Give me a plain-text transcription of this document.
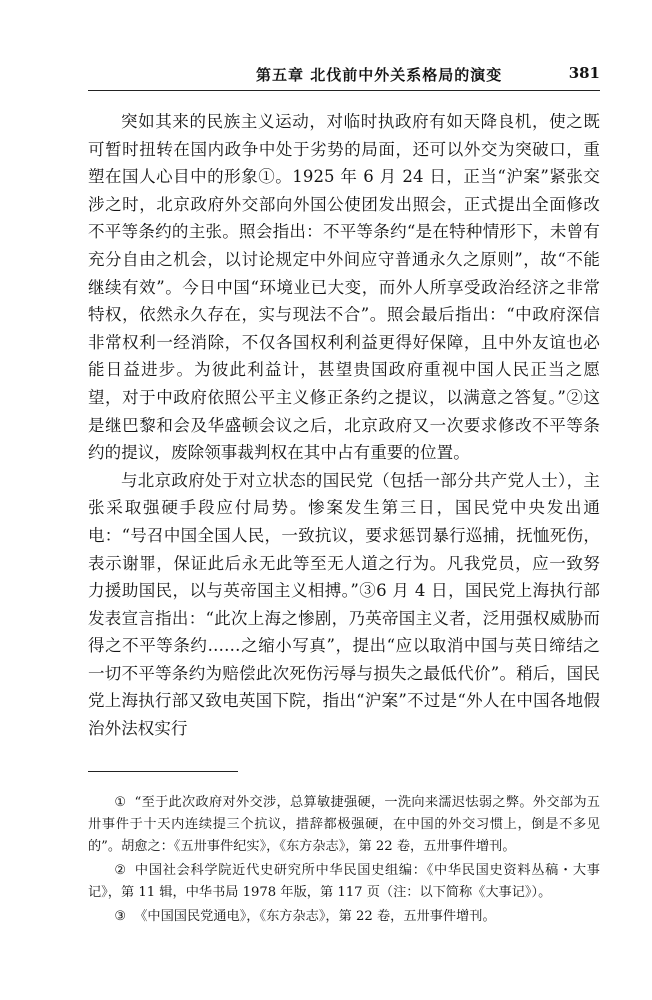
第五章 北伐前中外关系格局的演变	381

突如其来的民族主义运动，对临时执政府有如天降良机，使之既可暂时扭转在国内政争中处于劣势的局面，还可以外交为突破口，重塑在国人心目中的形象①。1925 年 6 月 24 日，正当“沪案”紧张交涉之时，北京政府外交部向外国公使团发出照会，正式提出全面修改不平等条约的主张。照会指出：不平等条约“是在特种情形下，未曾有充分自由之机会，以讨论规定中外间应守普通永久之原则”，故“不能继续有效”。今日中国“环境业已大变，而外人所享受政治经济之非常特权，依然永久存在，实与现法不合”。照会最后指出：“中政府深信非常权利一经消除，不仅各国权利利益更得好保障，且中外友谊也必能日益进步。为彼此利益计，甚望贵国政府重视中国人民正当之愿望，对于中政府依照公平主义修正条约之提议，以满意之答复。”②这是继巴黎和会及华盛顿会议之后，北京政府又一次要求修改不平等条约的提议，废除领事裁判权在其中占有重要的位置。

与北京政府处于对立状态的国民党（包括一部分共产党人士），主张采取强硬手段应付局势。惨案发生第三日，国民党中央发出通电：“号召中国全国人民，一致抗议，要求惩罚暴行巡捕，抚恤死伤，表示谢罪，保证此后永无此等至无人道之行为。凡我党员，应一致努力援助国民，以与英帝国主义相搏。”③6 月 4 日，国民党上海执行部发表宣言指出：“此次上海之惨剧，乃英帝国主义者，泛用强权威胁而得之不平等条约……之缩小写真”，提出“应以取消中国与英日缔结之一切不平等条约为赔偿此次死伤污辱与损失之最低代价”。稍后，国民党上海执行部又致电英国下院，指出“沪案”不过是“外人在中国各地假治外法权实行

① “至于此次政府对外交涉，总算敏捷强硬，一洗向来濡迟怯弱之弊。外交部为五卅事件于十天内连续提三个抗议，措辞都极强硬，在中国的外交习惯上，倒是不多见的”。胡愈之：《五卅事件纪实》，《东方杂志》，第 22 卷，五卅事件增刊。

② 中国社会科学院近代史研究所中华民国史组编：《中华民国史资料丛稿・大事记》，第 11 辑，中华书局 1978 年版，第 117 页（注：以下简称《大事记》）。

③ 《中国国民党通电》，《东方杂志》，第 22 卷，五卅事件增刊。
